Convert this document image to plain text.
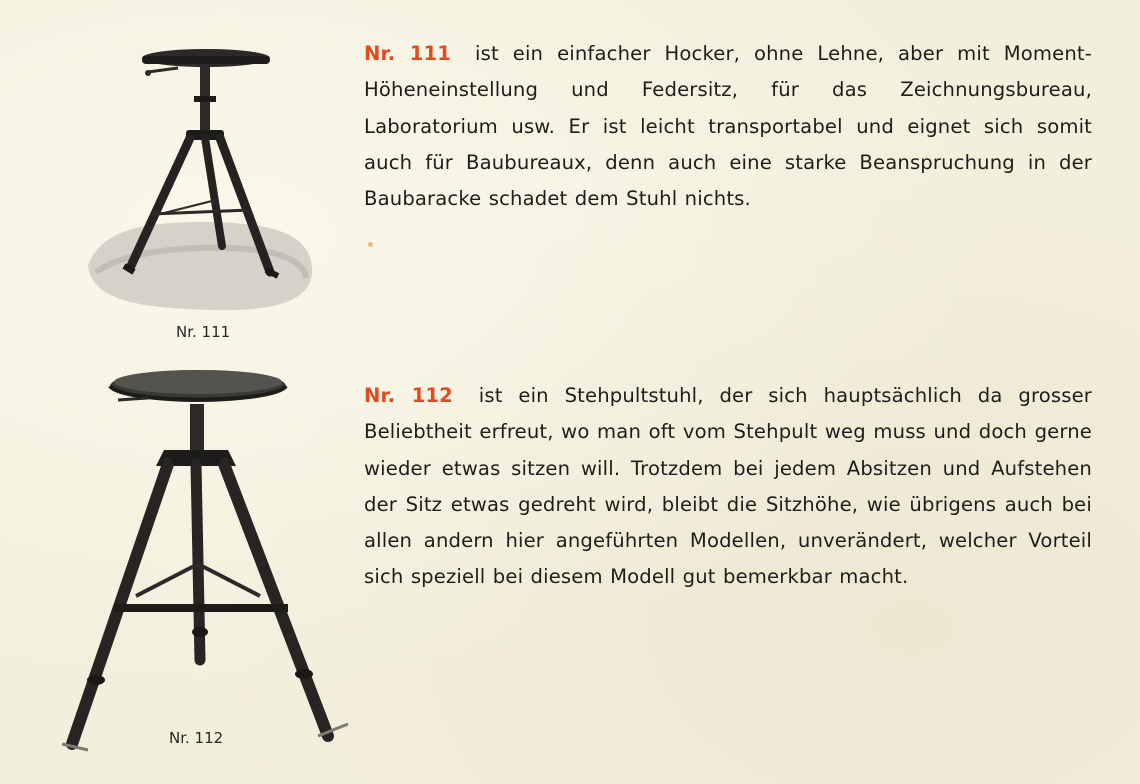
Nr. 111 ist ein einfacher Hocker, ohne Lehne, aber mit Moment-Höheneinstellung und Federsitz, für das Zeichnungsbureau, Laboratorium usw. Er ist leicht transportabel und eignet sich somit auch für Baubureaux, denn auch eine starke Beanspruchung in der Baubaracke schadet dem Stuhl nichts.

Nr. 111

Nr. 112 ist ein Stehpultstuhl, der sich hauptsächlich da grosser Beliebtheit erfreut, wo man oft vom Stehpult weg muss und doch gerne wieder etwas sitzen will. Trotzdem bei jedem Absitzen und Aufstehen der Sitz etwas gedreht wird, bleibt die Sitzhöhe, wie übrigens auch bei allen andern hier angeführten Modellen, unverändert, welcher Vorteil sich speziell bei diesem Modell gut bemerkbar macht.

Nr. 112
